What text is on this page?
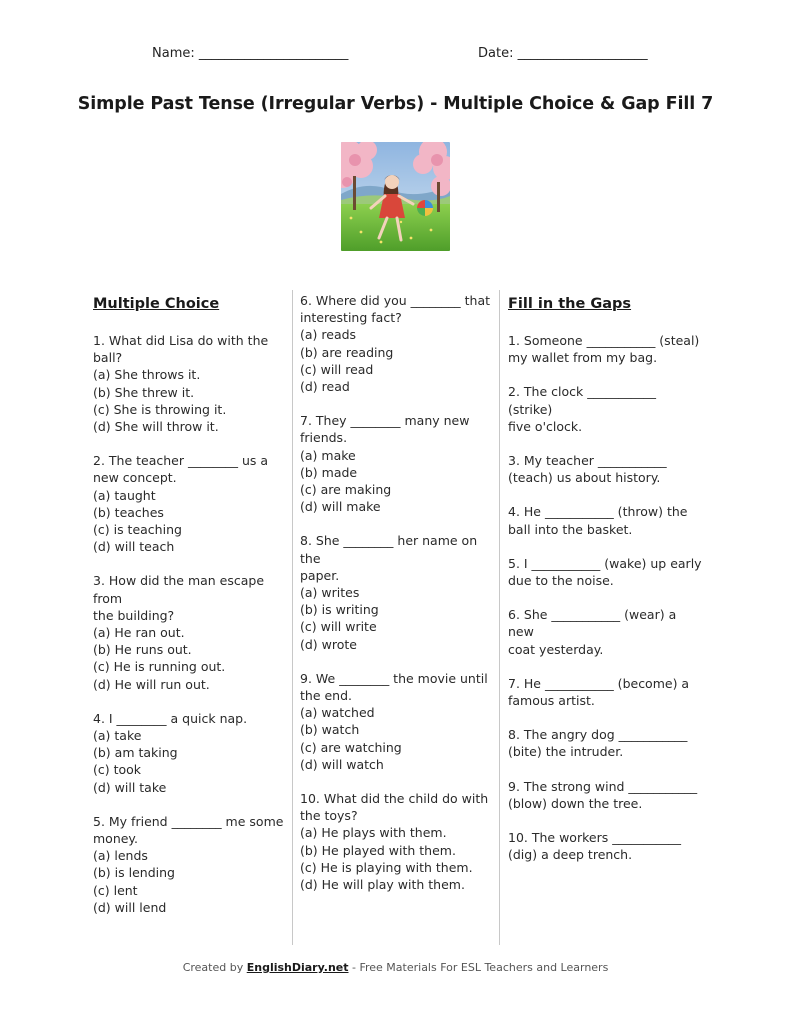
Name: _______________________	Date: ____________________
Simple Past Tense (Irregular Verbs) - Multiple Choice & Gap Fill 7
Multiple Choice
1. What did Lisa do with the
ball?
(a) She throws it.
(b) She threw it.
(c) She is throwing it.
(d) She will throw it.
2. The teacher ________ us a
new concept.
(a) taught
(b) teaches
(c) is teaching
(d) will teach
3. How did the man escape from
the building?
(a) He ran out.
(b) He runs out.
(c) He is running out.
(d) He will run out.
4. I ________ a quick nap.
(a) take
(b) am taking
(c) took
(d) will take
5. My friend ________ me some
money.
(a) lends
(b) is lending
(c) lent
(d) will lend
6. Where did you ________ that
interesting fact?
(a) reads
(b) are reading
(c) will read
(d) read
7. They ________ many new
friends.
(a) make
(b) made
(c) are making
(d) will make
8. She ________ her name on the
paper.
(a) writes
(b) is writing
(c) will write
(d) wrote
9. We ________ the movie until
the end.
(a) watched
(b) watch
(c) are watching
(d) will watch
10. What did the child do with
the toys?
(a) He plays with them.
(b) He played with them.
(c) He is playing with them.
(d) He will play with them.
Fill in the Gaps
1. Someone ___________ (steal)
my wallet from my bag.
2. The clock ___________ (strike)
five o'clock.
3. My teacher ___________
(teach) us about history.
4. He ___________ (throw) the
ball into the basket.
5. I ___________ (wake) up early
due to the noise.
6. She ___________ (wear) a new
coat yesterday.
7. He ___________ (become) a
famous artist.
8. The angry dog ___________
(bite) the intruder.
9. The strong wind ___________
(blow) down the tree.
10. The workers ___________
(dig) a deep trench.
Created by EnglishDiary.net - Free Materials For ESL Teachers and Learners
